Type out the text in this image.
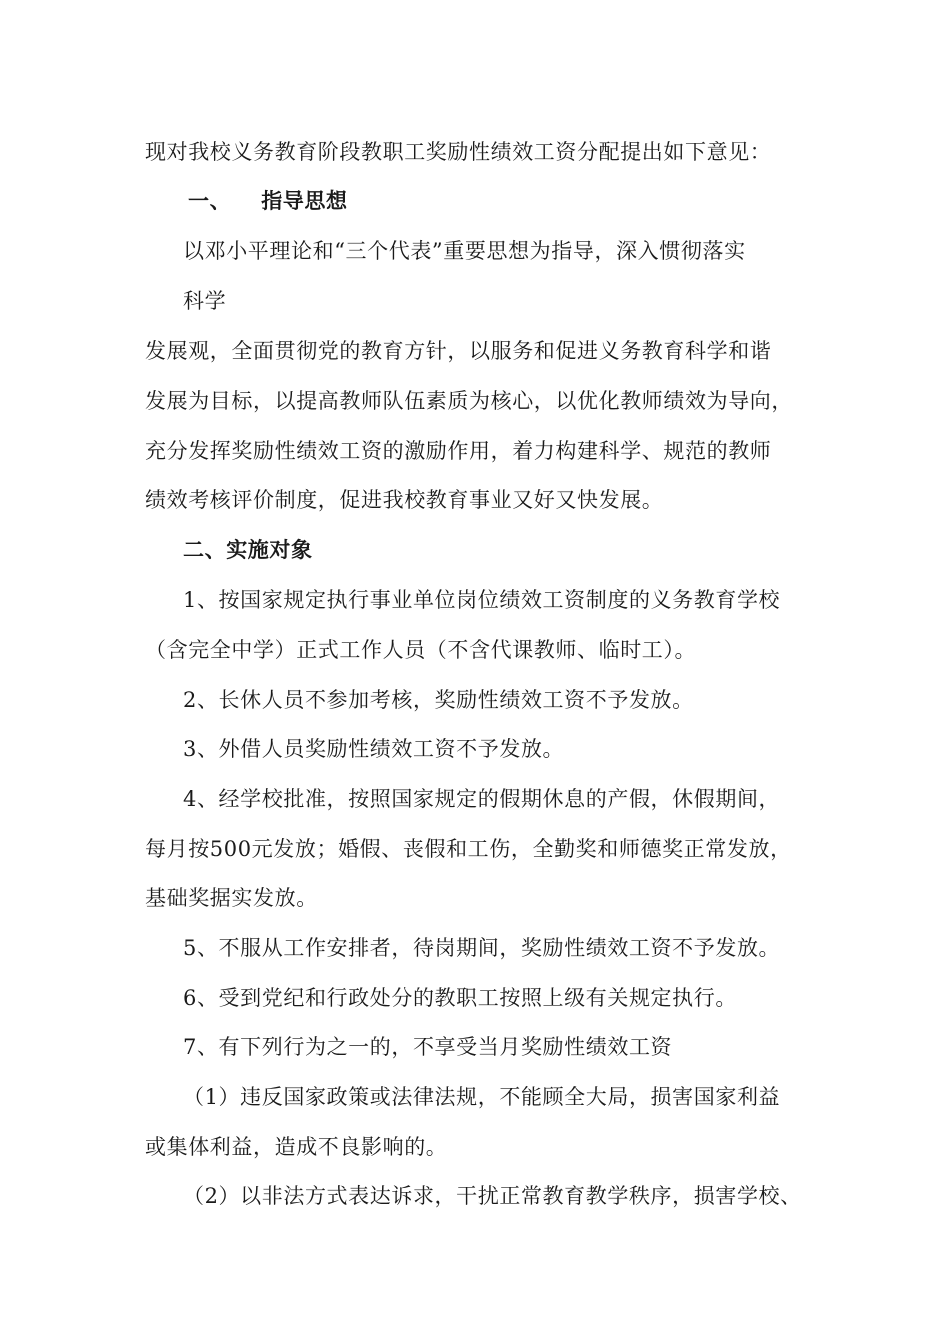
现对我校义务教育阶段教职工奖励性绩效工资分配提出如下意见：
一、 指导思想
以邓小平理论和“三个代表”重要思想为指导，深入惯彻落实
科学
发展观，全面贯彻党的教育方针，以服务和促进义务教育科学和谐
发展为目标，以提高教师队伍素质为核心，以优化教师绩效为导向，
充分发挥奖励性绩效工资的激励作用，着力构建科学、规范的教师
绩效考核评价制度，促进我校教育事业又好又快发展。
二、实施对象
1、按国家规定执行事业单位岗位绩效工资制度的义务教育学校
（含完全中学）正式工作人员（不含代课教师、临时工）。
2、长休人员不参加考核，奖励性绩效工资不予发放。
3、外借人员奖励性绩效工资不予发放。
4、经学校批准，按照国家规定的假期休息的产假，休假期间，
每月按500元发放；婚假、丧假和工伤，全勤奖和师德奖正常发放，
基础奖据实发放。
5、不服从工作安排者，待岗期间，奖励性绩效工资不予发放。
6、受到党纪和行政处分的教职工按照上级有关规定执行。
7、有下列行为之一的，不享受当月奖励性绩效工资
（1）违反国家政策或法律法规，不能顾全大局，损害国家利益
或集体利益，造成不良影响的。
（2）以非法方式表达诉求，干扰正常教育教学秩序，损害学校、
